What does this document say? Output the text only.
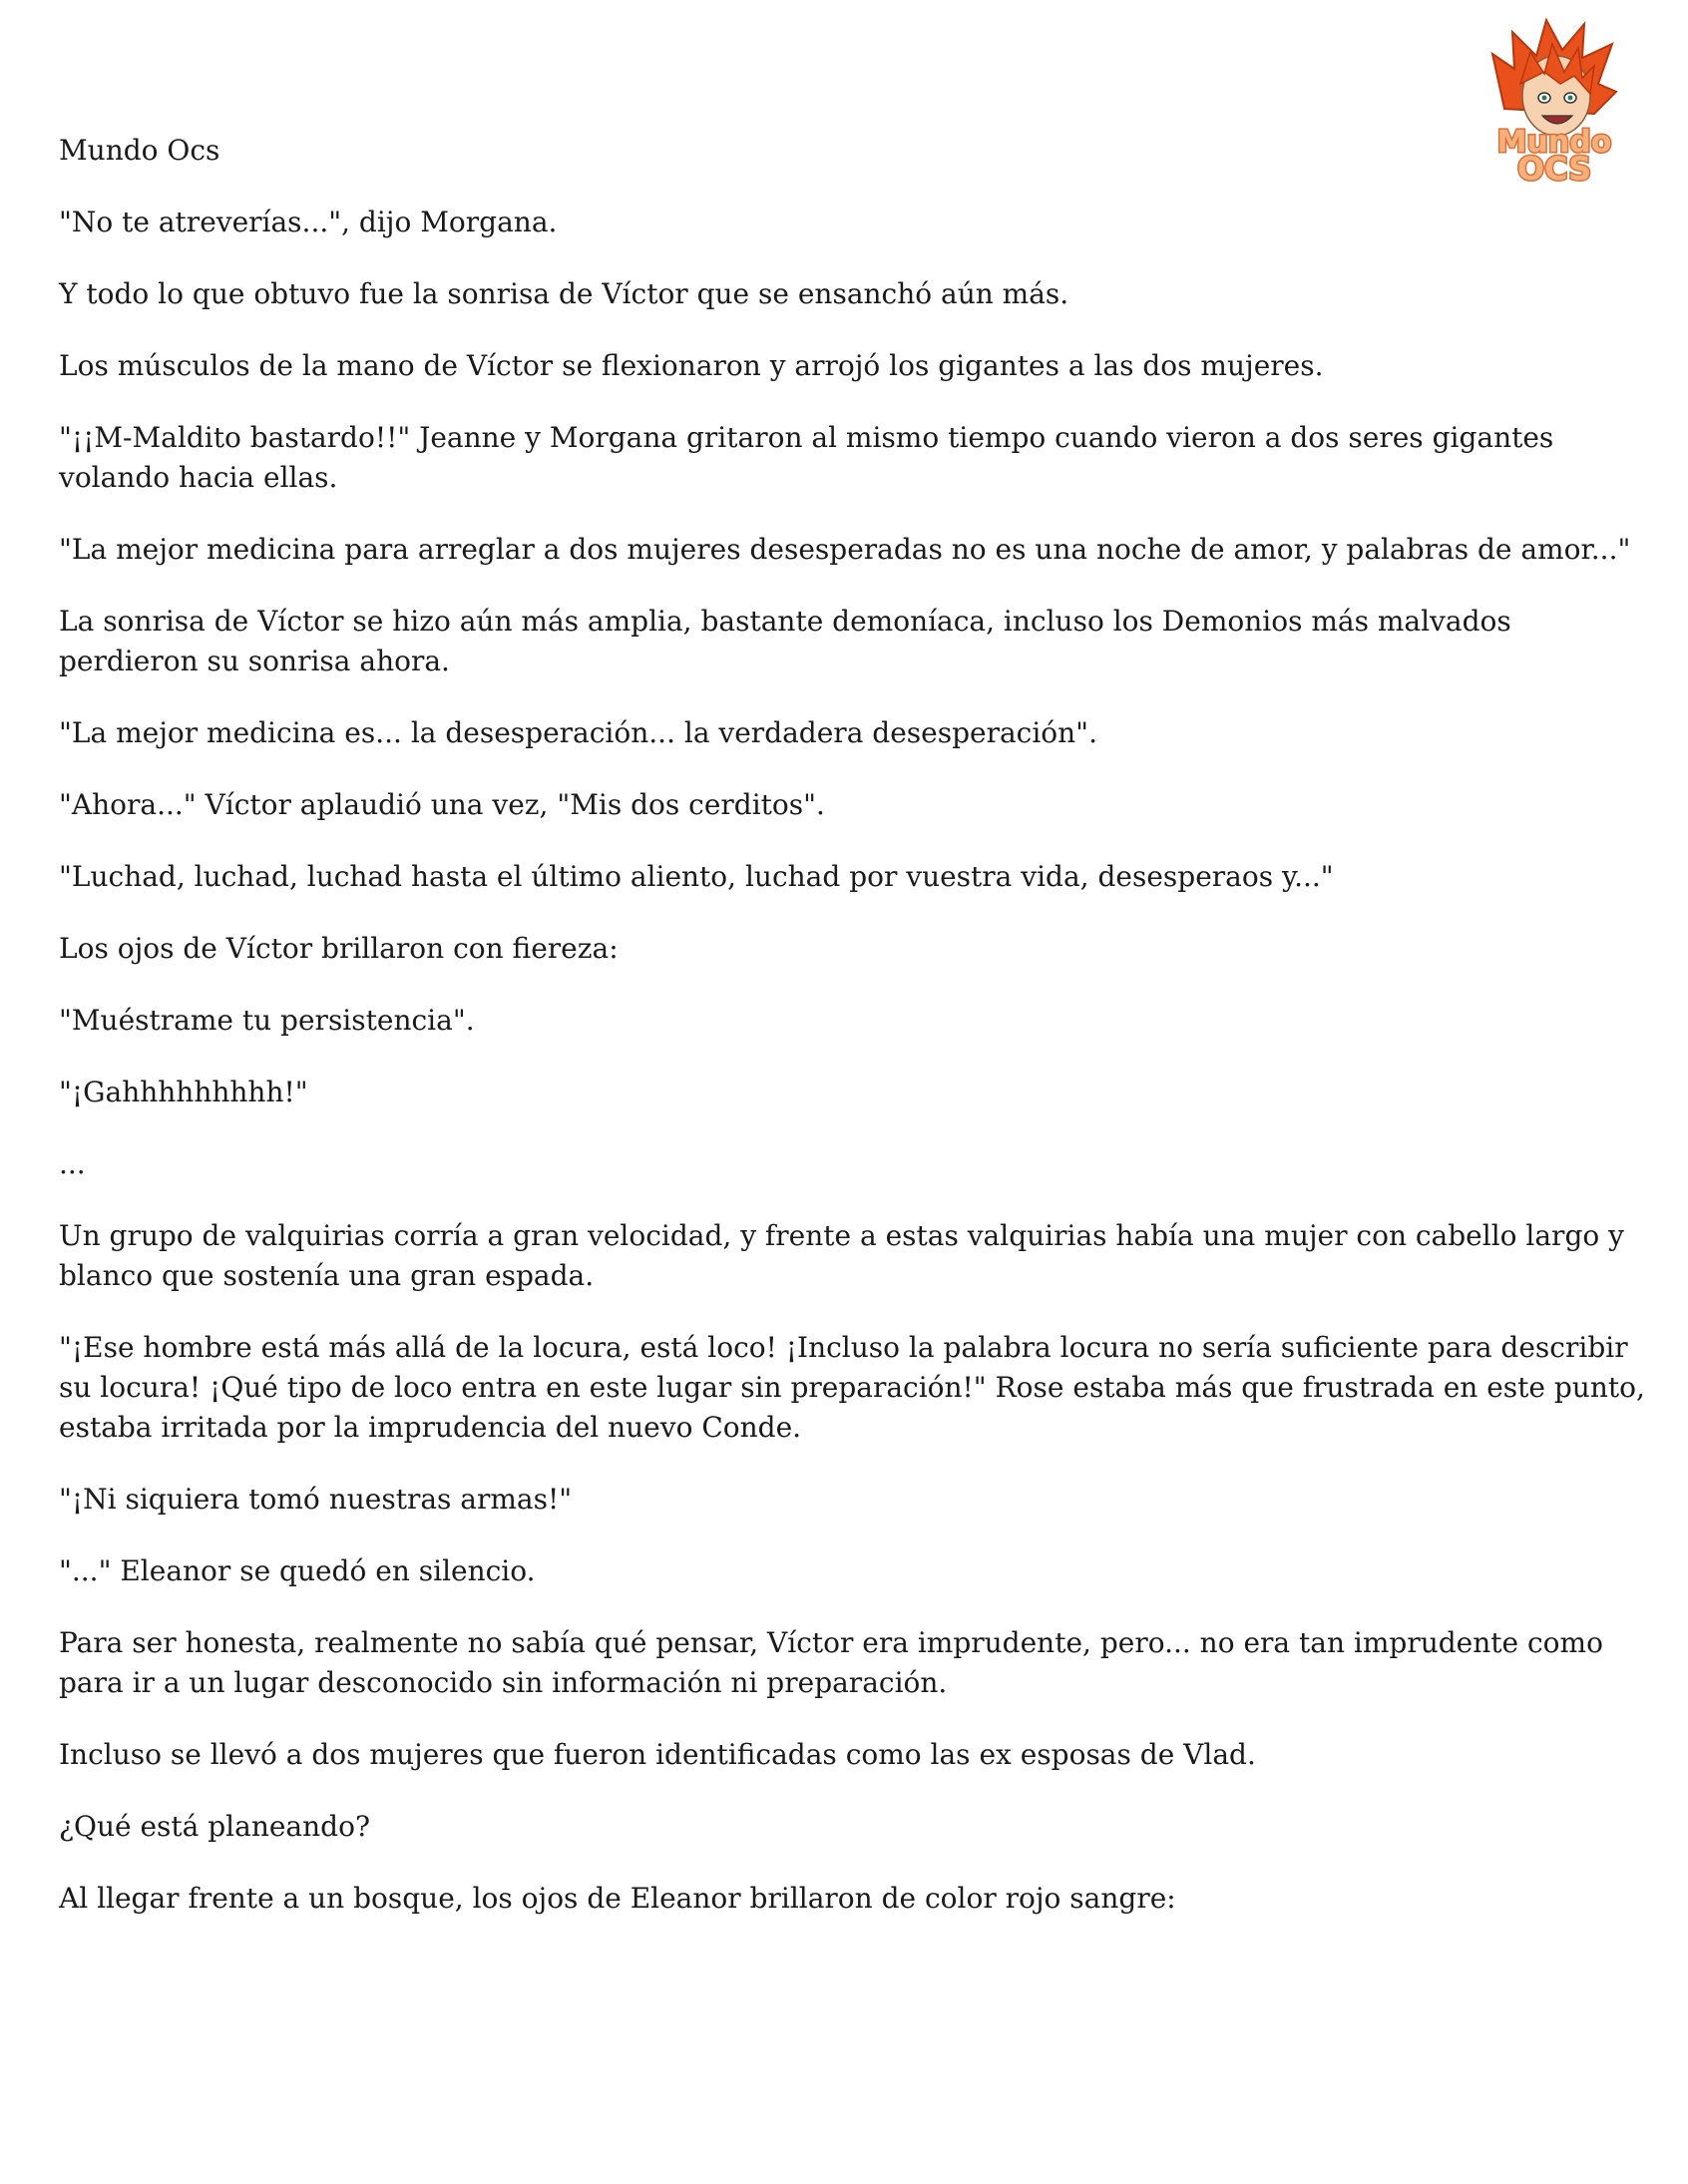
Mundo
OCS

Mundo Ocs

"No te atreverías...", dijo Morgana.

Y todo lo que obtuvo fue la sonrisa de Víctor que se ensanchó aún más.

Los músculos de la mano de Víctor se flexionaron y arrojó los gigantes a las dos mujeres.

"¡¡M-Maldito bastardo!!" Jeanne y Morgana gritaron al mismo tiempo cuando vieron a dos seres gigantes volando hacia ellas.

"La mejor medicina para arreglar a dos mujeres desesperadas no es una noche de amor, y palabras de amor..."

La sonrisa de Víctor se hizo aún más amplia, bastante demoníaca, incluso los Demonios más malvados perdieron su sonrisa ahora.

"La mejor medicina es... la desesperación... la verdadera desesperación".

"Ahora..." Víctor aplaudió una vez, "Mis dos cerditos".

"Luchad, luchad, luchad hasta el último aliento, luchad por vuestra vida, desesperaos y..."

Los ojos de Víctor brillaron con fiereza:

"Muéstrame tu persistencia".

"¡Gahhhhhhhhh!"

...

Un grupo de valquirias corría a gran velocidad, y frente a estas valquirias había una mujer con cabello largo y blanco que sostenía una gran espada.

"¡Ese hombre está más allá de la locura, está loco! ¡Incluso la palabra locura no sería suficiente para describir su locura! ¡Qué tipo de loco entra en este lugar sin preparación!" Rose estaba más que frustrada en este punto, estaba irritada por la imprudencia del nuevo Conde.

"¡Ni siquiera tomó nuestras armas!"

"..." Eleanor se quedó en silencio.

Para ser honesta, realmente no sabía qué pensar, Víctor era imprudente, pero... no era tan imprudente como para ir a un lugar desconocido sin información ni preparación.

Incluso se llevó a dos mujeres que fueron identificadas como las ex esposas de Vlad.

¿Qué está planeando?

Al llegar frente a un bosque, los ojos de Eleanor brillaron de color rojo sangre:
